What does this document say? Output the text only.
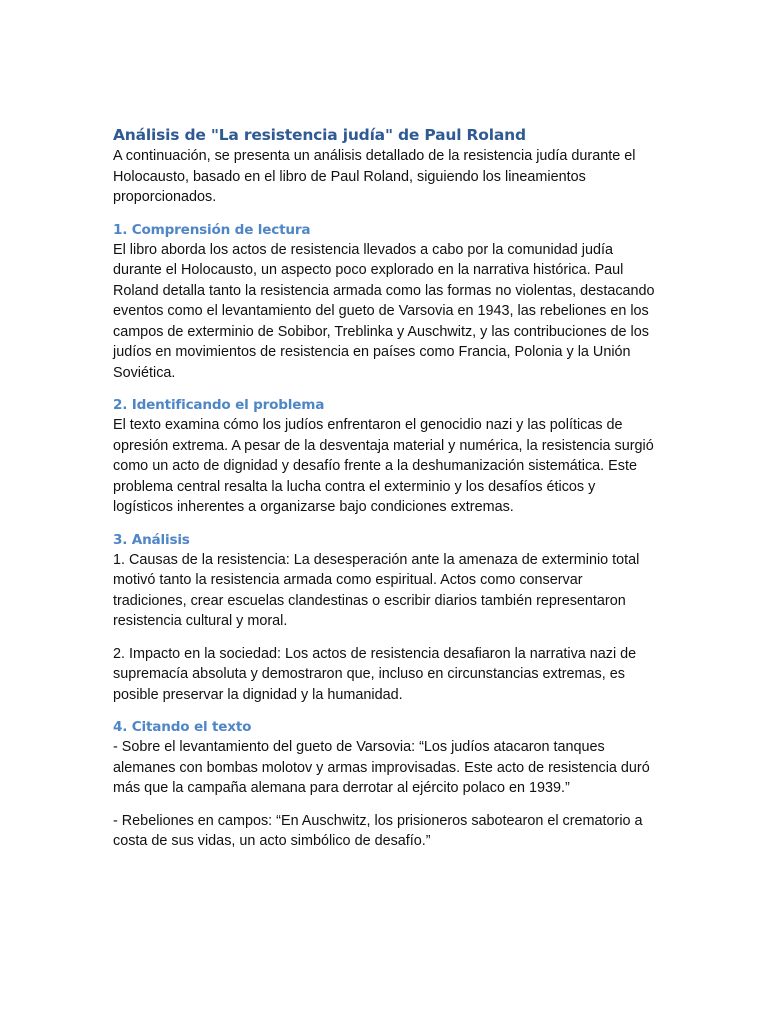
Análisis de "La resistencia judía" de Paul Roland

A continuación, se presenta un análisis detallado de la resistencia judía durante el Holocausto, basado en el libro de Paul Roland, siguiendo los lineamientos proporcionados.

1. Comprensión de lectura

El libro aborda los actos de resistencia llevados a cabo por la comunidad judía durante el Holocausto, un aspecto poco explorado en la narrativa histórica. Paul Roland detalla tanto la resistencia armada como las formas no violentas, destacando eventos como el levantamiento del gueto de Varsovia en 1943, las rebeliones en los campos de exterminio de Sobibor, Treblinka y Auschwitz, y las contribuciones de los judíos en movimientos de resistencia en países como Francia, Polonia y la Unión Soviética.

2. Identificando el problema

El texto examina cómo los judíos enfrentaron el genocidio nazi y las políticas de opresión extrema. A pesar de la desventaja material y numérica, la resistencia surgió como un acto de dignidad y desafío frente a la deshumanización sistemática. Este problema central resalta la lucha contra el exterminio y los desafíos éticos y logísticos inherentes a organizarse bajo condiciones extremas.

3. Análisis

1. Causas de la resistencia: La desesperación ante la amenaza de exterminio total motivó tanto la resistencia armada como espiritual. Actos como conservar tradiciones, crear escuelas clandestinas o escribir diarios también representaron resistencia cultural y moral.

2. Impacto en la sociedad: Los actos de resistencia desafiaron la narrativa nazi de supremacía absoluta y demostraron que, incluso en circunstancias extremas, es posible preservar la dignidad y la humanidad.

4. Citando el texto

- Sobre el levantamiento del gueto de Varsovia: “Los judíos atacaron tanques alemanes con bombas molotov y armas improvisadas. Este acto de resistencia duró más que la campaña alemana para derrotar al ejército polaco en 1939.”

- Rebeliones en campos: “En Auschwitz, los prisioneros sabotearon el crematorio a costa de sus vidas, un acto simbólico de desafío.”
